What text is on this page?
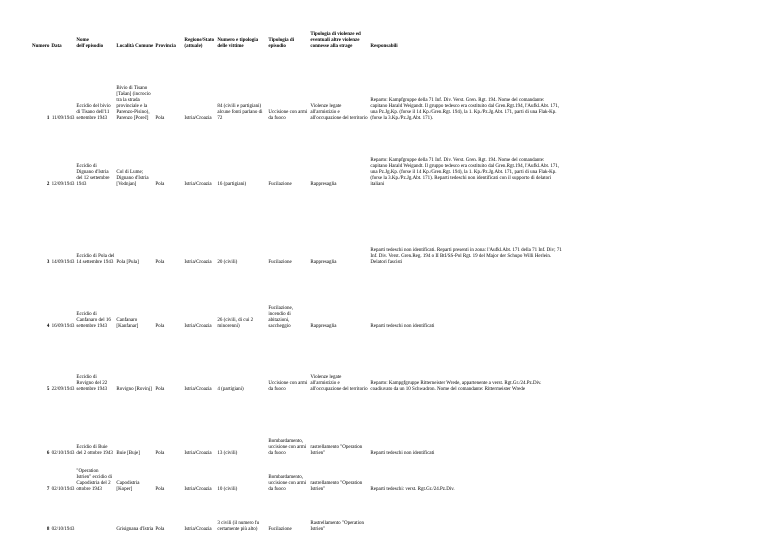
Numero	Data	Nome dell'episodio	Località Comune	Provincia	Regione/Stato (attuale)	Numero e tipologia delle vittime	Tipologia di episodio	Tipologia di violenze ed eventuali altre violenze connesse alla strage	Responsabili
1	11/09/1943	Eccidio del bivio di Tisano dell'11 settembre 1943	Bivio di Tisano [Tašan] (incrocio tra la strada provinciale e la Parenzo-Pisino), Parenzo [Poreč]	Pola	Istria/Croazia	84 (civili e partigiani) alcune fonti parlano di 72	Uccisione con armi da fuoco	Violenze legate all'armistizio e all'occupazione del territorio	Reparto: Kampfgruppe della 71 Inf. Div. Verst. Gren. Rgt. 194. Nome del comandante: capitano Harald Weigandt. Il gruppo tedesco era costituito dal Gren.Rgt.194, l'Aufkl.Abt. 171, una Pz.Jg.Kp. (forse il 14 Kp./Gren.Rgt. 194), la 1. Kp./Pz.Jg.Abt. 171, parti di una Flak-Kp. (forse la 3.Kp./Pz.Jg.Abt. 171).
2	12/09/1943	Eccidio di Dignano d'Istria del 12 settembre 1943	Col di Lume; Dignano d'Istria [Vodnjan]	Pola	Istria/Croazia	16 (partigiani)	Fucilazione	Rappresaglia	Reparto: Kampfgruppe della 71 Inf. Div. Verst. Gren. Rgt. 194. Nome del comandante: capitano Harald Weigandt. Il gruppo tedesco era costituito dal Gren.Rgt.194, l'Aufkl.Abt. 171, una Pz.Jg.Kp. (forse il 14 Kp./Gren.Rgt. 194), la 1. Kp./Pz.Jg.Abt. 171, parti di una Flak-Kp. (forse la 3.Kp./Pz.Jg.Abt. 171). Reparti tedeschi non identificati con il supporto di delatori italiani
3	14/09/1943	Eccidio di Pola del 14 settembre 1943	Pola [Pula]	Pola	Istria/Croazia	20 (civili)	Fucilazione	Rappresaglia	Reparti tedeschi non identificati. Reparti presenti in zona: l'Aufkl.Abt. 171 della 71 Inf. Div; 71 Inf. Div. Verst. Gren.Reg. 194 o II BtI/SS-Pol Rgt. 19 del Major der Schupo Willi Herlein. Delatori fascisti
4	16/09/1943	Eccidio di Canfanaro del 16 settembre 1943	Canfanaro [Kanfanar]	Pola	Istria/Croazia	26 (civili, di cui 2 minorenni)	Fucilazione, incendio di abitazioni, saccheggio	Rappresaglia	Reparti tedeschi non identificati
5	22/09/1943	Eccidio di Rovigno del 22 settembre 1943	Rovigno [Rovinj]	Pola	Istria/Croazia	4 (partigiani)	Uccisione con armi da fuoco	Violenze legate all'armistizio e all'occupazione del territorio	Reparto: Kampgfgruppe Ritterneister Wrede, appartenente a verst. Rgt.Gr./24.Pz.Div. coadiuvato da un 10 Schwadron. Nome del comandante: Rittermeister Wrede
6	02/10/1943	Eccidio di Buie del 2 ottobre 1943	Buie [Buje]	Pola	Istria/Croazia	13 (civili)	Bombardamento, uccisione con armi da fuoco	rastrellamento "Operation Istrien"	Reparti tedeschi non identificati
7	02/10/1943	"Operation Istrien" eccidio di Capodistria del 2 ottobre 1943	Capodistria [Koper]	Pola	Istria/Croazia	10 (civili)	Bombardamento, uccisione con armi da fuoco	rastrellamento "Operation Istrien"	Reparti tedeschi: verst. Rgt.Gr./24.Pz.Div.
8	02/10/1943		Grisignana d'Istria	Pola	Istria/Croazia	3 civili (il numero fu certamente più alto)	Fucilazione	Rastrellamento "Operation Istrien"	
